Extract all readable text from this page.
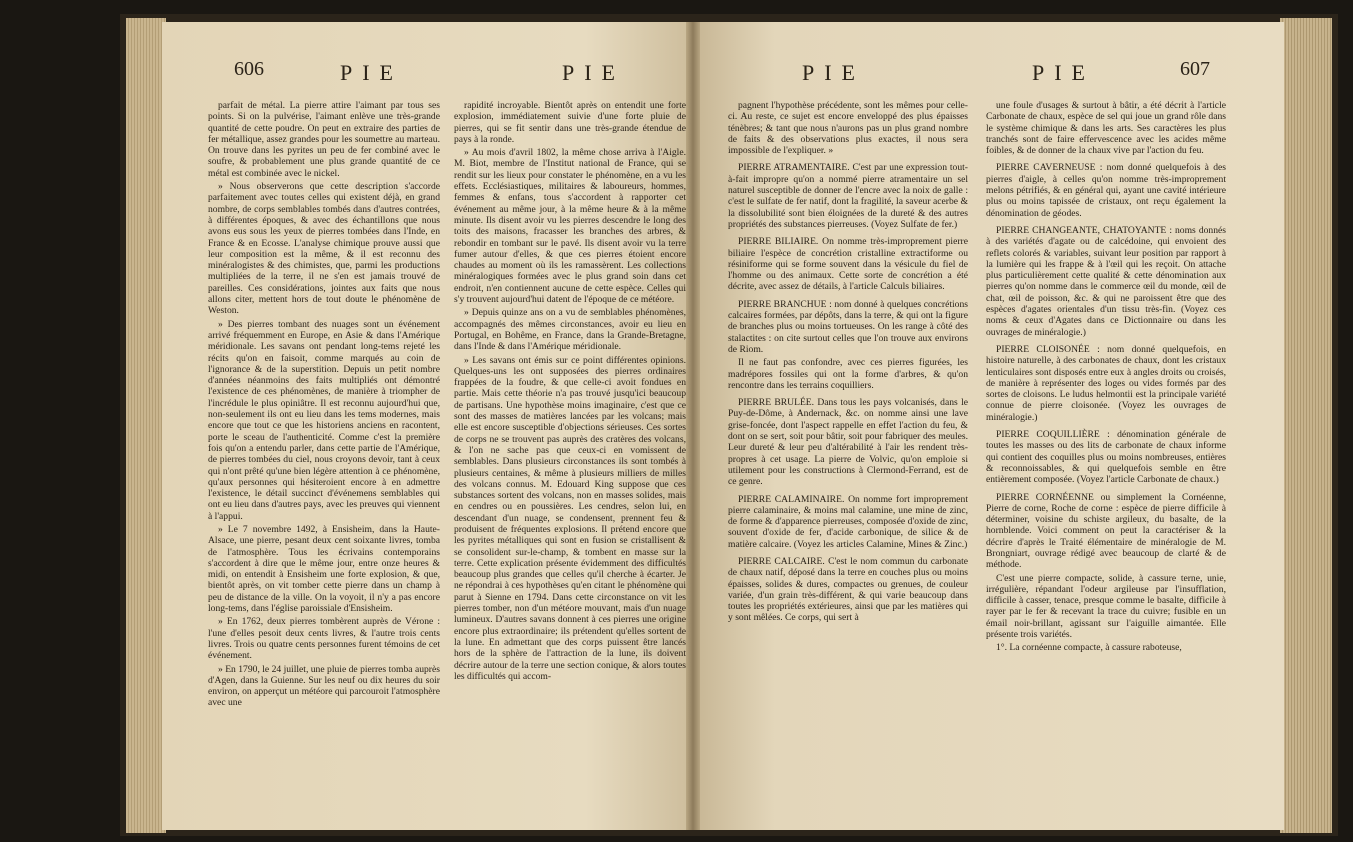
606	PIE	PIE

parfait de métal. La pierre attire l'aimant par tous ses points. Si on la pulvérise, l'aimant enlève une très-grande quantité de cette poudre. On peut en extraire des parties de fer métallique, assez grandes pour les soumettre au marteau. On trouve dans les pyrites un peu de fer combiné avec le soufre, & probablement une plus grande quantité de ce métal est combinée avec le nickel.

» Nous observerons que cette description s'accorde parfaitement avec toutes celles qui existent déjà, en grand nombre, de corps semblables tombés dans d'autres contrées, à différentes époques, & avec des échantillons que nous avons eus sous les yeux de pierres tombées dans l'Inde, en France & en Ecosse. L'analyse chimique prouve aussi que leur composition est la même, & il est reconnu des minéralogistes & des chimistes, que, parmi les productions multipliées de la terre, il ne s'en est jamais trouvé de pareilles. Ces considérations, jointes aux faits que nous allons citer, mettent hors de tout doute le phénomène de Weston.

» Des pierres tombant des nuages sont un événement arrivé fréquemment en Europe, en Asie & dans l'Amérique méridionale. Les savans ont pendant long-tems rejeté les récits qu'on en faisoit, comme marqués au coin de l'ignorance & de la superstition. Depuis un petit nombre d'années néanmoins des faits multipliés ont démontré l'existence de ces phénomènes, de manière à triompher de l'incrédule le plus opiniâtre. Il est reconnu aujourd'hui que, non-seulement ils ont eu lieu dans les tems modernes, mais encore que tout ce que les historiens anciens en racontent, porte le sceau de l'authenticité. Comme c'est la première fois qu'on a entendu parler, dans cette partie de l'Amérique, de pierres tombées du ciel, nous croyons devoir, tant à ceux qui n'ont prêté qu'une bien légère attention à ce phénomène, qu'aux personnes qui hésiteroient encore à en admettre l'existence, le détail succinct d'événemens semblables qui ont eu lieu dans d'autres pays, avec les preuves qui viennent à l'appui.

» Le 7 novembre 1492, à Ensisheim, dans la Haute-Alsace, une pierre, pesant deux cent soixante livres, tomba de l'atmosphère. Tous les écrivains contemporains s'accordent à dire que le même jour, entre onze heures & midi, on entendit à Ensisheim une forte explosion, & que, bientôt après, on vit tomber cette pierre dans un champ à peu de distance de la ville. On la voyoit, il n'y a pas encore long-tems, dans l'église paroissiale d'Ensisheim.

» En 1762, deux pierres tombèrent auprès de Vérone : l'une d'elles pesoit deux cents livres, & l'autre trois cents livres. Trois ou quatre cents personnes furent témoins de cet événement.

» En 1790, le 24 juillet, une pluie de pierres tomba auprès d'Agen, dans la Guienne. Sur les neuf ou dix heures du soir environ, on apperçut un météore qui parcouroit l'atmosphère avec une

rapidité incroyable. Bientôt après on entendit une forte explosion, immédiatement suivie d'une forte pluie de pierres, qui se fit sentir dans une très-grande étendue de pays à la ronde.

» Au mois d'avril 1802, la même chose arriva à l'Aigle. M. Biot, membre de l'Institut national de France, qui se rendit sur les lieux pour constater le phénomène, en a vu les effets. Ecclésiastiques, militaires & laboureurs, hommes, femmes & enfans, tous s'accordent à rapporter cet événement au même jour, à la même heure & à la même minute. Ils disent avoir vu les pierres descendre le long des toits des maisons, fracasser les branches des arbres, & rebondir en tombant sur le pavé. Ils disent avoir vu la terre fumer autour d'elles, & que ces pierres étoient encore chaudes au moment où ils les ramassèrent. Les collections minéralogiques formées avec le plus grand soin dans cet endroit, n'en contiennent aucune de cette espèce. Celles qui s'y trouvent aujourd'hui datent de l'époque de ce météore.

» Depuis quinze ans on a vu de semblables phénomènes, accompagnés des mêmes circonstances, avoir eu lieu en Portugal, en Bohême, en France, dans la Grande-Bretagne, dans l'Inde & dans l'Amérique méridionale.

» Les savans ont émis sur ce point différentes opinions. Quelques-uns les ont supposées des pierres ordinaires frappées de la foudre, & que celle-ci avoit fondues en partie. Mais cette théorie n'a pas trouvé jusqu'ici beaucoup de partisans. Une hypothèse moins imaginaire, c'est que ce sont des masses de matières lancées par les volcans; mais elle est encore susceptible d'objections sérieuses. Ces sortes de corps ne se trouvent pas auprès des cratères des volcans, & l'on ne sache pas que ceux-ci en vomissent de semblables. Dans plusieurs circonstances ils sont tombés à plusieurs centaines, & même à plusieurs milliers de milles des volcans connus. M. Edouard King suppose que ces substances sortent des volcans, non en masses solides, mais en cendres ou en poussières. Les cendres, selon lui, en descendant d'un nuage, se condensent, prennent feu & produisent de fréquentes explosions. Il prétend encore que les pyrites métalliques qui sont en fusion se cristallisent & se consolident sur-le-champ, & tombent en masse sur la terre. Cette explication présente évidemment des difficultés beaucoup plus grandes que celles qu'il cherche à écarter. Je ne répondrai à ces hypothèses qu'en citant le phénomène qui parut à Sienne en 1794. Dans cette circonstance on vit les pierres tomber, non d'un météore mouvant, mais d'un nuage lumineux. D'autres savans donnent à ces pierres une origine encore plus extraordinaire; ils prétendent qu'elles sortent de la lune. En admettant que des corps puissent être lancés hors de la sphère de l'attraction de la lune, ils doivent décrire autour de la terre une section conique, & alors toutes les difficultés qui accom-

PIE	PIE	607

pagnent l'hypothèse précédente, sont les mêmes pour celle-ci. Au reste, ce sujet est encore enveloppé des plus épaisses ténèbres; & tant que nous n'aurons pas un plus grand nombre de faits & des observations plus exactes, il nous sera impossible de l'expliquer. »

PIERRE ATRAMENTAIRE. C'est par une expression tout-à-fait impropre qu'on a nommé pierre atramentaire un sel naturel susceptible de donner de l'encre avec la noix de galle : c'est le sulfate de fer natif, dont la fragilité, la saveur acerbe & la dissolubilité sont bien éloignées de la dureté & des autres propriétés des substances pierreuses. (Voyez Sulfate de fer.)

PIERRE BILIAIRE. On nomme très-improprement pierre biliaire l'espèce de concrétion cristalline extractiforme ou résiniforme qui se forme souvent dans la vésicule du fiel de l'homme ou des animaux. Cette sorte de concrétion a été décrite, avec assez de détails, à l'article Calculs biliaires.

PIERRE BRANCHUE : nom donné à quelques concrétions calcaires formées, par dépôts, dans la terre, & qui ont la figure de branches plus ou moins tortueuses. On les range à côté des stalactites : on cite surtout celles que l'on trouve aux environs de Riom.

Il ne faut pas confondre, avec ces pierres figurées, les madrépores fossiles qui ont la forme d'arbres, & qu'on rencontre dans les terrains coquilliers.

PIERRE BRULÉE. Dans tous les pays volcanisés, dans le Puy-de-Dôme, à Andernack, &c. on nomme ainsi une lave grise-foncée, dont l'aspect rappelle en effet l'action du feu, & dont on se sert, soit pour bâtir, soit pour fabriquer des meules. Leur dureté & leur peu d'altérabilité à l'air les rendent très-propres à cet usage. La pierre de Volvic, qu'on emploie si utilement pour les constructions à Clermond-Ferrand, est de ce genre.

PIERRE CALAMINAIRE. On nomme fort improprement pierre calaminaire, & moins mal calamine, une mine de zinc, de forme & d'apparence pierreuses, composée d'oxide de zinc, souvent d'oxide de fer, d'acide carbonique, de silice & de matière calcaire. (Voyez les articles Calamine, Mines & Zinc.)

PIERRE CALCAIRE. C'est le nom commun du carbonate de chaux natif, déposé dans la terre en couches plus ou moins épaisses, solides & dures, compactes ou grenues, de couleur variée, d'un grain très-différent, & qui varie beaucoup dans toutes les propriétés extérieures, ainsi que par les matières qui y sont mêlées. Ce corps, qui sert à

une foule d'usages & surtout à bâtir, a été décrit à l'article Carbonate de chaux, espèce de sel qui joue un grand rôle dans le système chimique & dans les arts. Ses caractères les plus tranchés sont de faire effervescence avec les acides même foibles, & de donner de la chaux vive par l'action du feu.

PIERRE CAVERNEUSE : nom donné quelquefois à des pierres d'aigle, à celles qu'on nomme très-improprement melons pétrifiés, & en général qui, ayant une cavité intérieure plus ou moins tapissée de cristaux, ont reçu également la dénomination de géodes.

PIERRE CHANGEANTE, CHATOYANTE : noms donnés à des variétés d'agate ou de calcédoine, qui envoient des reflets colorés & variables, suivant leur position par rapport à la lumière qui les frappe & à l'œil qui les reçoit. On attache plus particulièrement cette qualité & cette dénomination aux pierres qu'on nomme dans le commerce œil du monde, œil de chat, œil de poisson, &c. & qui ne paroissent être que des espèces d'agates orientales d'un tissu très-fin. (Voyez ces noms & ceux d'Agates dans ce Dictionnaire ou dans les ouvrages de minéralogie.)

PIERRE CLOISONÉE : nom donné quelquefois, en histoire naturelle, à des carbonates de chaux, dont les cristaux lenticulaires sont disposés entre eux à angles droits ou croisés, de manière à représenter des loges ou vides formés par des sortes de cloisons. Le ludus helmontii est la principale variété connue de pierre cloisonée. (Voyez les ouvrages de minéralogie.)

PIERRE COQUILLIÈRE : dénomination générale de toutes les masses ou des lits de carbonate de chaux informe qui contient des coquilles plus ou moins nombreuses, entières & reconnoissables, & qui quelquefois semble en être entièrement composée. (Voyez l'article Carbonate de chaux.)

PIERRE CORNÉENNE ou simplement la Cornéenne, Pierre de corne, Roche de corne : espèce de pierre difficile à déterminer, voisine du schiste argileux, du basalte, de la hornblende. Voici comment on peut la caractériser & la décrire d'après le Traité élémentaire de minéralogie de M. Brongniart, ouvrage rédigé avec beaucoup de clarté & de méthode.

C'est une pierre compacte, solide, à cassure terne, unie, irrégulière, répandant l'odeur argileuse par l'insufflation, difficile à casser, tenace, presque comme le basalte, difficile à rayer par le fer & recevant la trace du cuivre; fusible en un émail noir-brillant, agissant sur l'aiguille aimantée. Elle présente trois variétés.

1°. La cornéenne compacte, à cassure raboteuse,
